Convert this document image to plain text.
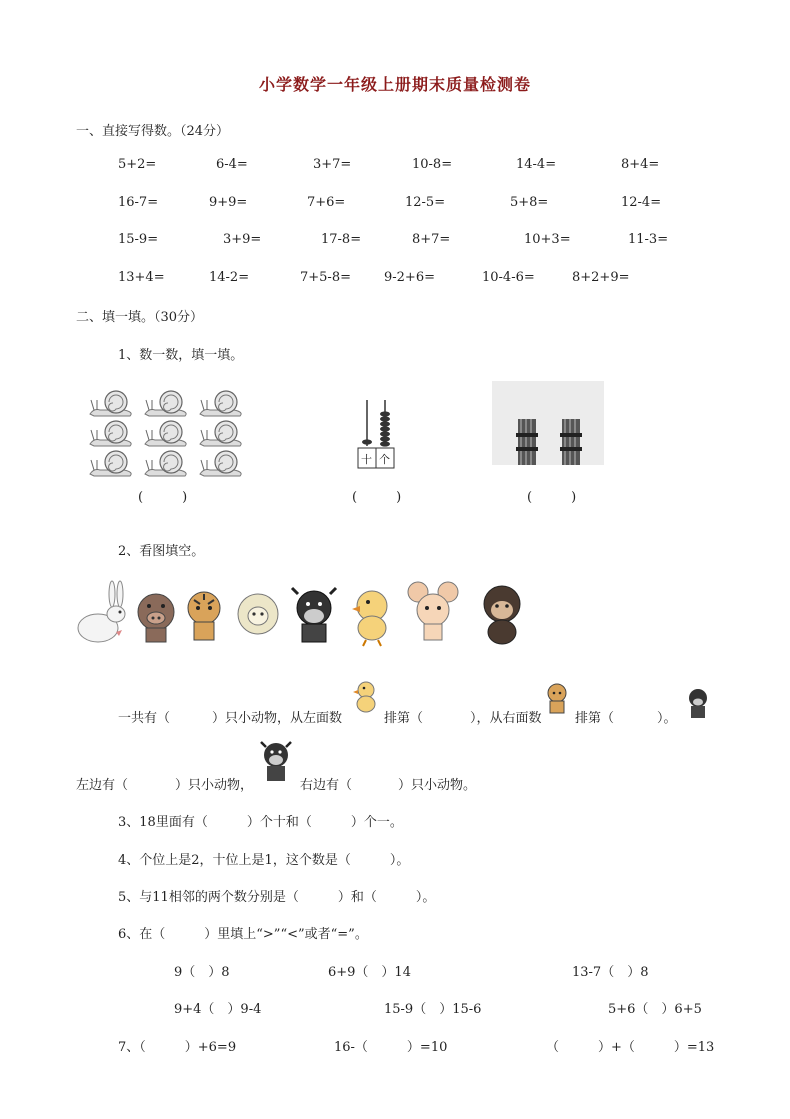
小学数学一年级上册期末质量检测卷
一、直接写得数。（24分）
5+2=	6-4=	3+7=	10-8=	14-4=	8+4=
16-7=	9+9=	7+6=	12-5=	5+8=	12-4=
15-9=	3+9=	17-8=	8+7=	10+3=	11-3=
13+4=	14-2=	7+5-8=	9-2+6=	10-4-6=	8+2+9=
二、填一填。（30分）
1、数一数，填一填。
(　　　)
十 个
(　　　)	(　　　)
2、看图填空。
一共有（	）只小动物，从左面数	排第（	），从右面数	排第（	）。
左边有（	）只小动物，	右边有（	）只小动物。
3、18里面有（　　　）个十和（　　　）个一。
4、个位上是2，十位上是1，这个数是（　　　）。
5、与11相邻的两个数分别是（　　　）和（　　　）。
6、在（　　　）里填上“>”“<”或者“=”。
9（　）8	6+9（　）14	13-7（　）8
9+4（　）9-4	15-9（　）15-6	5+6（　）6+5
7、（　　　）+6=9	16-（　　　）=10	（　　　）+（　　　）=13
